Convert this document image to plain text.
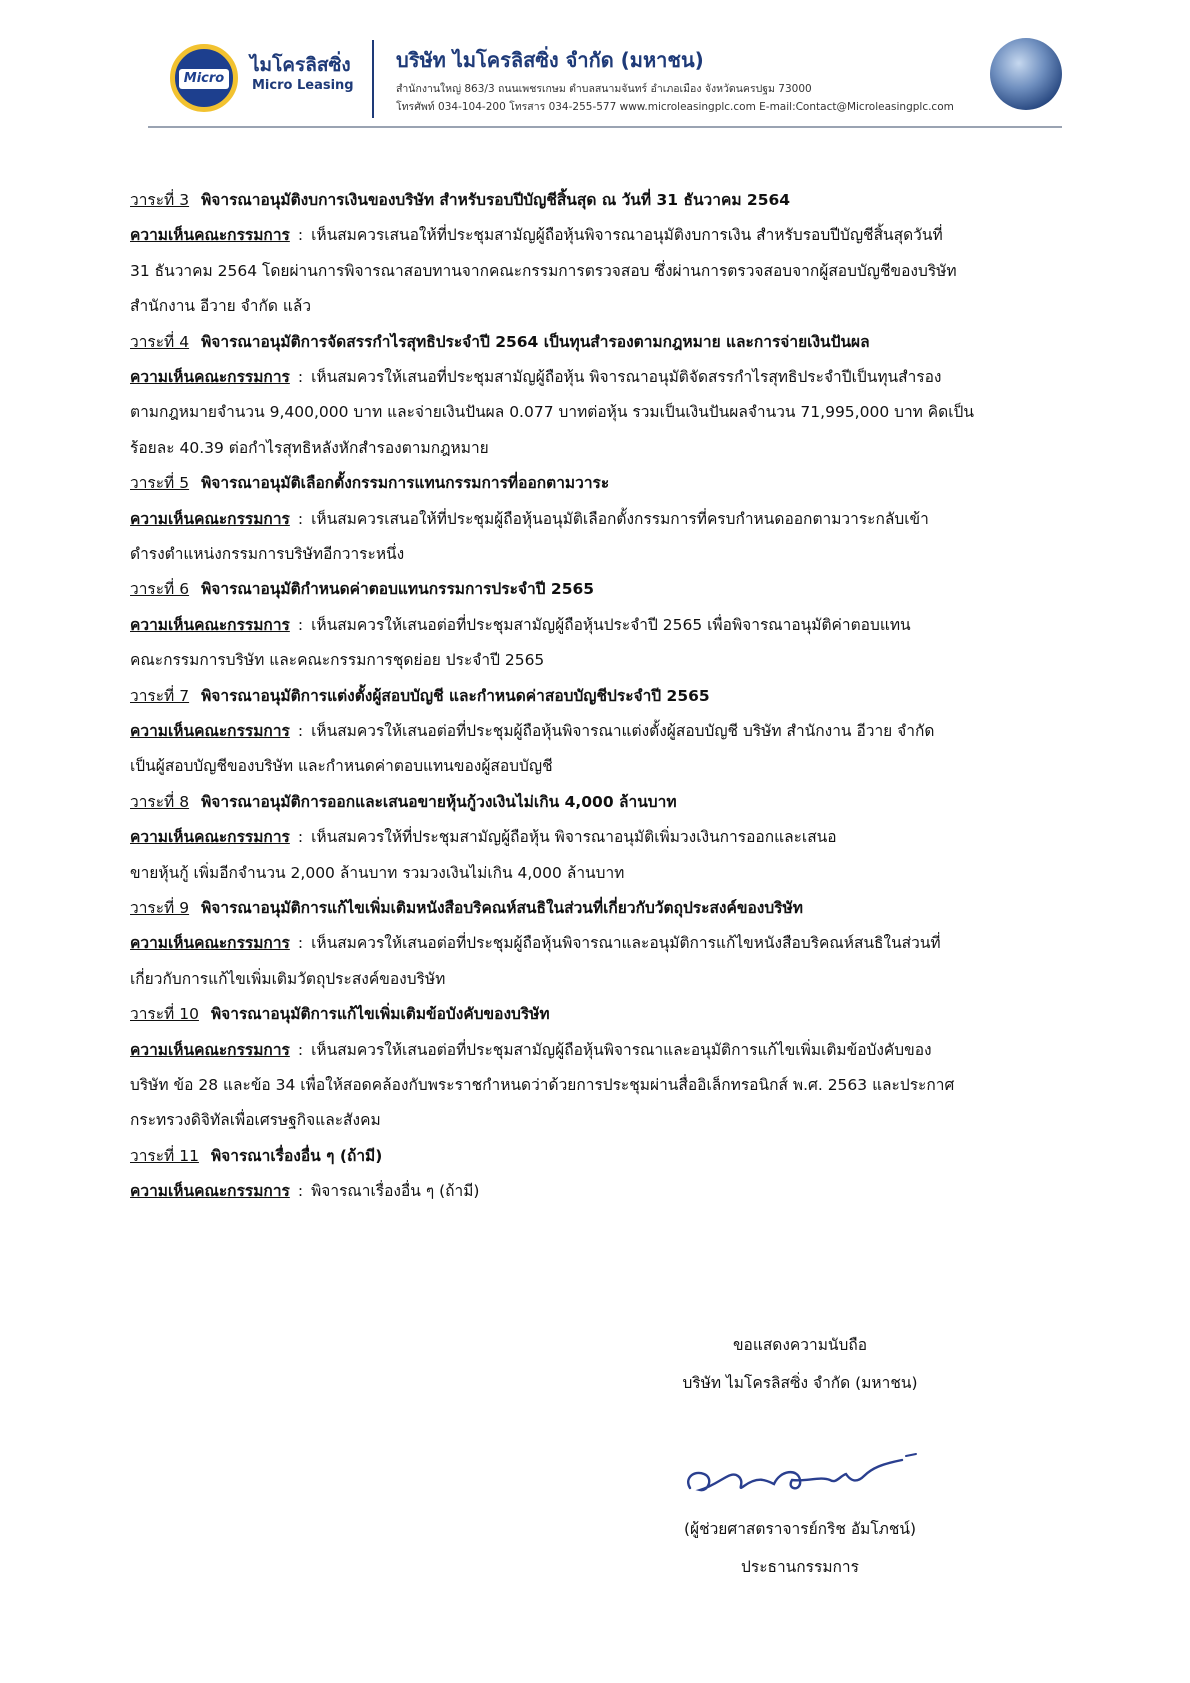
Micro
ไมโครลิสซิ่ง
Micro Leasing
บริษัท ไมโครลิสซิ่ง จำกัด (มหาชน)
สำนักงานใหญ่ 863/3 ถนนเพชรเกษม ตำบลสนามจันทร์ อำเภอเมือง จังหวัดนครปฐม 73000
โทรศัพท์ 034-104-200 โทรสาร 034-255-577 www.microleasingplc.com E-mail:Contact@Microleasingplc.com
วาระที่ 3 พิจารณาอนุมัติงบการเงินของบริษัท สำหรับรอบปีบัญชีสิ้นสุด ณ วันที่ 31 ธันวาคม 2564
ความเห็นคณะกรรมการ : เห็นสมควรเสนอให้ที่ประชุมสามัญผู้ถือหุ้นพิจารณาอนุมัติงบการเงิน สำหรับรอบปีบัญชีสิ้นสุดวันที่
31 ธันวาคม 2564 โดยผ่านการพิจารณาสอบทานจากคณะกรรมการตรวจสอบ ซึ่งผ่านการตรวจสอบจากผู้สอบบัญชีของบริษัท
สำนักงาน อีวาย จำกัด แล้ว
วาระที่ 4 พิจารณาอนุมัติการจัดสรรกำไรสุทธิประจำปี 2564 เป็นทุนสำรองตามกฎหมาย และการจ่ายเงินปันผล
ความเห็นคณะกรรมการ : เห็นสมควรให้เสนอที่ประชุมสามัญผู้ถือหุ้น พิจารณาอนุมัติจัดสรรกำไรสุทธิประจำปีเป็นทุนสำรอง
ตามกฎหมายจำนวน 9,400,000 บาท และจ่ายเงินปันผล 0.077 บาทต่อหุ้น รวมเป็นเงินปันผลจำนวน 71,995,000 บาท คิดเป็น
ร้อยละ 40.39 ต่อกำไรสุทธิหลังหักสำรองตามกฎหมาย
วาระที่ 5 พิจารณาอนุมัติเลือกตั้งกรรมการแทนกรรมการที่ออกตามวาระ
ความเห็นคณะกรรมการ : เห็นสมควรเสนอให้ที่ประชุมผู้ถือหุ้นอนุมัติเลือกตั้งกรรมการที่ครบกำหนดออกตามวาระกลับเข้า
ดำรงตำแหน่งกรรมการบริษัทอีกวาระหนึ่ง
วาระที่ 6 พิจารณาอนุมัติกำหนดค่าตอบแทนกรรมการประจำปี 2565
ความเห็นคณะกรรมการ : เห็นสมควรให้เสนอต่อที่ประชุมสามัญผู้ถือหุ้นประจำปี 2565 เพื่อพิจารณาอนุมัติค่าตอบแทน
คณะกรรมการบริษัท และคณะกรรมการชุดย่อย ประจำปี 2565
วาระที่ 7 พิจารณาอนุมัติการแต่งตั้งผู้สอบบัญชี และกำหนดค่าสอบบัญชีประจำปี 2565
ความเห็นคณะกรรมการ : เห็นสมควรให้เสนอต่อที่ประชุมผู้ถือหุ้นพิจารณาแต่งตั้งผู้สอบบัญชี บริษัท สำนักงาน อีวาย จำกัด
เป็นผู้สอบบัญชีของบริษัท และกำหนดค่าตอบแทนของผู้สอบบัญชี
วาระที่ 8 พิจารณาอนุมัติการออกและเสนอขายหุ้นกู้วงเงินไม่เกิน 4,000 ล้านบาท
ความเห็นคณะกรรมการ : เห็นสมควรให้ที่ประชุมสามัญผู้ถือหุ้น พิจารณาอนุมัติเพิ่มวงเงินการออกและเสนอ
ขายหุ้นกู้ เพิ่มอีกจำนวน 2,000 ล้านบาท รวมวงเงินไม่เกิน 4,000 ล้านบาท
วาระที่ 9 พิจารณาอนุมัติการแก้ไขเพิ่มเติมหนังสือบริคณห์สนธิในส่วนที่เกี่ยวกับวัตถุประสงค์ของบริษัท
ความเห็นคณะกรรมการ : เห็นสมควรให้เสนอต่อที่ประชุมผู้ถือหุ้นพิจารณาและอนุมัติการแก้ไขหนังสือบริคณห์สนธิในส่วนที่
เกี่ยวกับการแก้ไขเพิ่มเติมวัตถุประสงค์ของบริษัท
วาระที่ 10 พิจารณาอนุมัติการแก้ไขเพิ่มเติมข้อบังคับของบริษัท
ความเห็นคณะกรรมการ : เห็นสมควรให้เสนอต่อที่ประชุมสามัญผู้ถือหุ้นพิจารณาและอนุมัติการแก้ไขเพิ่มเติมข้อบังคับของ
บริษัท ข้อ 28 และข้อ 34 เพื่อให้สอดคล้องกับพระราชกำหนดว่าด้วยการประชุมผ่านสื่ออิเล็กทรอนิกส์ พ.ศ. 2563 และประกาศ
กระทรวงดิจิทัลเพื่อเศรษฐกิจและสังคม
วาระที่ 11 พิจารณาเรื่องอื่น ๆ (ถ้ามี)
ความเห็นคณะกรรมการ : พิจารณาเรื่องอื่น ๆ (ถ้ามี)
ขอแสดงความนับถือ
บริษัท ไมโครลิสซิ่ง จำกัด (มหาชน)
(ผู้ช่วยศาสตราจารย์กริช อัมโภชน์)
ประธานกรรมการ
